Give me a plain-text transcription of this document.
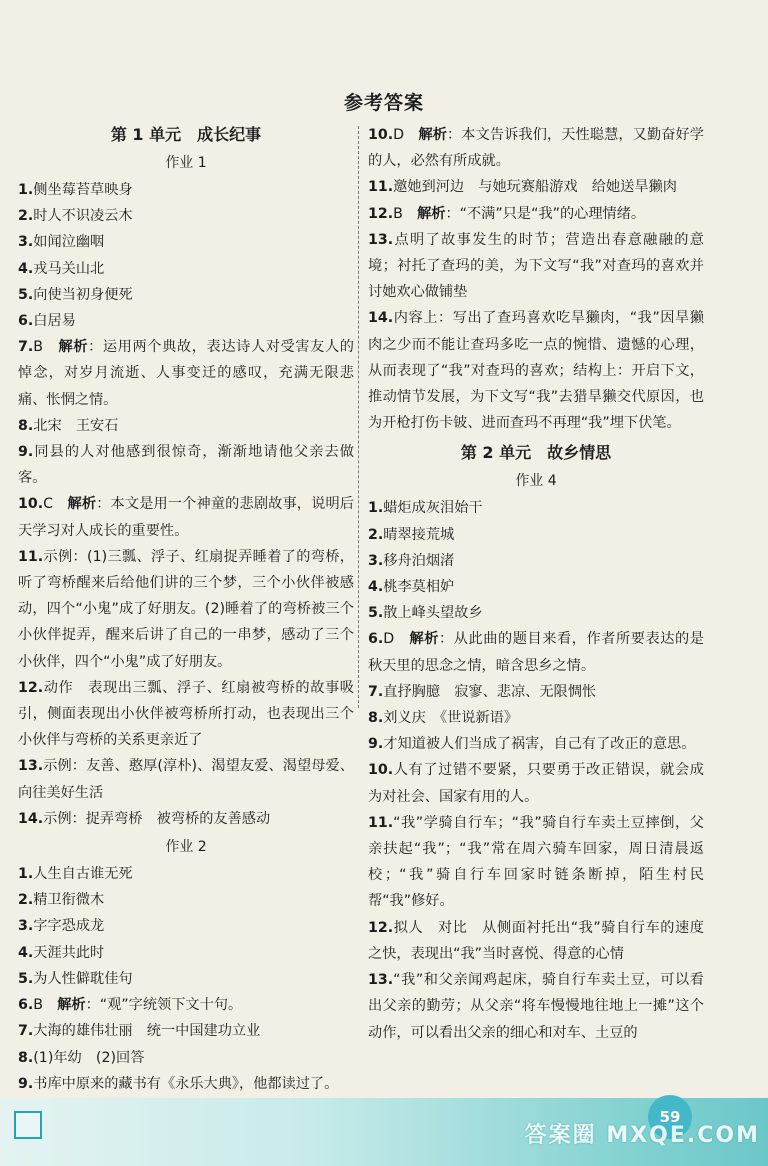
参考答案
第 1 单元　成长纪事
作业 1
1.侧坐莓苔草映身
2.时人不识凌云木
3.如闻泣幽咽
4.戎马关山北
5.向使当初身便死
6.白居易
7.B　解析：运用两个典故，表达诗人对受害友人的悼念，对岁月流逝、人事变迁的感叹，充满无限悲痛、怅惘之情。
8.北宋　王安石
9.同县的人对他感到很惊奇，渐渐地请他父亲去做客。
10.C　解析：本文是用一个神童的悲剧故事，说明后天学习对人成长的重要性。
11.示例：(1)三瓢、浮子、红扇捉弄睡着了的弯桥，听了弯桥醒来后给他们讲的三个梦，三个小伙伴被感动，四个“小鬼”成了好朋友。(2)睡着了的弯桥被三个小伙伴捉弄，醒来后讲了自己的一串梦，感动了三个小伙伴，四个“小鬼”成了好朋友。
12.动作　表现出三瓢、浮子、红扇被弯桥的故事吸引，侧面表现出小伙伴被弯桥所打动，也表现出三个小伙伴与弯桥的关系更亲近了
13.示例：友善、憨厚(淳朴)、渴望友爱、渴望母爱、向往美好生活
14.示例：捉弄弯桥　被弯桥的友善感动
作业 2
1.人生自古谁无死
2.精卫衔微木
3.字字恐成龙
4.天涯共此时
5.为人性僻耽佳句
6.B　解析：“观”字统领下文十句。
7.大海的雄伟壮丽　统一中国建功立业
8.(1)年幼　(2)回答
9.书库中原来的藏书有《永乐大典》，他都读过了。
10.D　解析：本文告诉我们，天性聪慧，又勤奋好学的人，必然有所成就。
11.邀她到河边　与她玩赛船游戏　给她送旱獭肉
12.B　解析：“不满”只是“我”的心理情绪。
13.点明了故事发生的时节；营造出春意融融的意境；衬托了查玛的美，为下文写“我”对查玛的喜欢并讨她欢心做铺垫
14.内容上：写出了查玛喜欢吃旱獭肉，“我”因旱獭肉之少而不能让查玛多吃一点的惋惜、遗憾的心理，从而表现了“我”对查玛的喜欢；结构上：开启下文，推动情节发展，为下文写“我”去猎旱獭交代原因，也为开枪打伤卡铍、进而查玛不再理“我”埋下伏笔。
第 2 单元　故乡情思
作业 4
1.蜡炬成灰泪始干
2.晴翠接荒城
3.移舟泊烟渚
4.桃李莫相妒
5.散上峰头望故乡
6.D　解析：从此曲的题目来看，作者所要表达的是秋天里的思念之情，暗含思乡之情。
7.直抒胸臆　寂寥、悲凉、无限惆怅
8.刘义庆　《世说新语》
9.才知道被人们当成了祸害，自己有了改正的意思。
10.人有了过错不要紧，只要勇于改正错误，就会成为对社会、国家有用的人。
11.“我”学骑自行车；“我”骑自行车卖土豆摔倒，父亲扶起“我”；“我”常在周六骑车回家，周日清晨返校；“我”骑自行车回家时链条断掉，陌生村民帮“我”修好。
12.拟人　对比　从侧面衬托出“我”骑自行车的速度之快，表现出“我”当时喜悦、得意的心情
13.“我”和父亲闻鸡起床，骑自行车卖土豆，可以看出父亲的勤劳；从父亲“将车慢慢地往地上一摊”这个动作，可以看出父亲的细心和对车、土豆的
59
答案圈 MXQE.COM
